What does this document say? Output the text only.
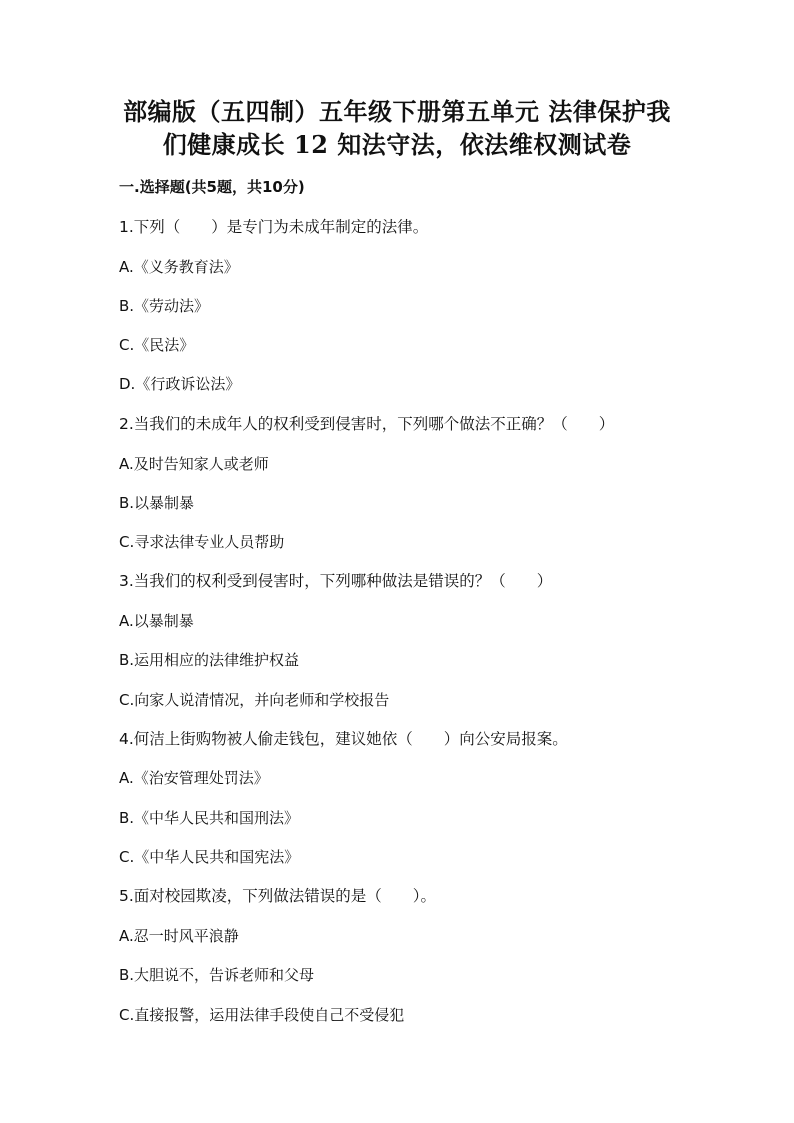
部编版（五四制）五年级下册第五单元 法律保护我
们健康成长 12 知法守法，依法维权测试卷
一.选择题(共5题，共10分)
1.下列（　　）是专门为未成年制定的法律。
A.《义务教育法》
B.《劳动法》
C.《民法》
D.《行政诉讼法》
2.当我们的未成年人的权利受到侵害时，下列哪个做法不正确？（　　）
A.及时告知家人或老师
B.以暴制暴
C.寻求法律专业人员帮助
3.当我们的权利受到侵害时，下列哪种做法是错误的？（　　）
A.以暴制暴
B.运用相应的法律维护权益
C.向家人说清情况，并向老师和学校报告
4.何洁上街购物被人偷走钱包，建议她依（　　）向公安局报案。
A.《治安管理处罚法》
B.《中华人民共和国刑法》
C.《中华人民共和国宪法》
5.面对校园欺凌，下列做法错误的是（　　）。
A.忍一时风平浪静
B.大胆说不，告诉老师和父母
C.直接报警，运用法律手段使自己不受侵犯
